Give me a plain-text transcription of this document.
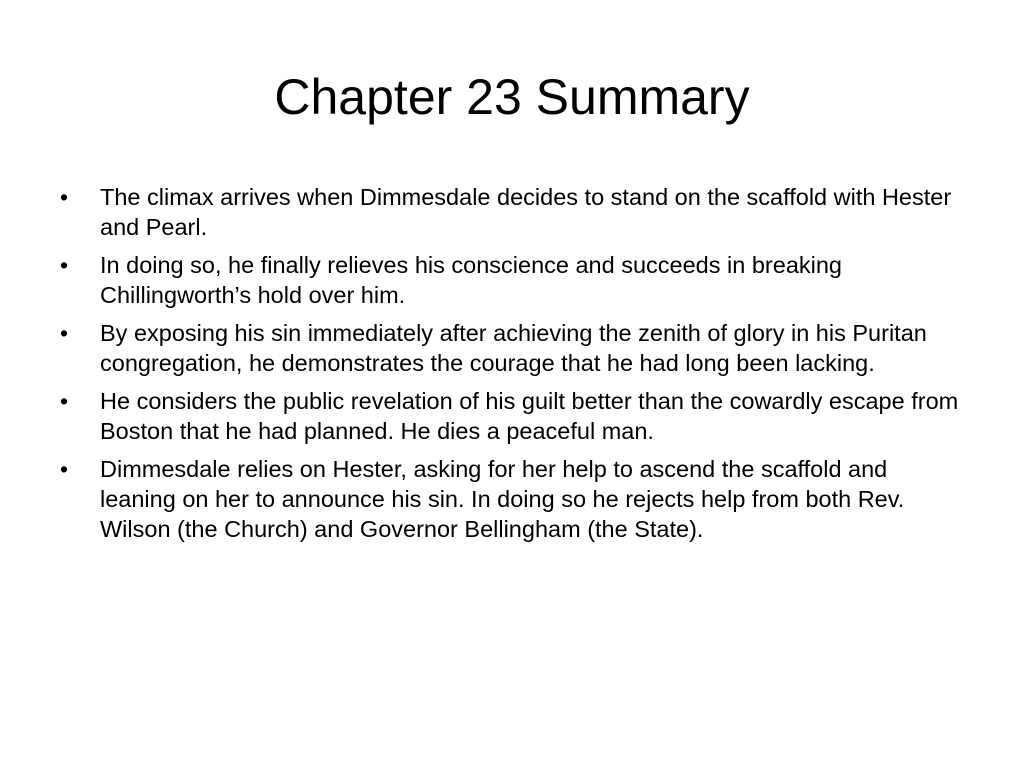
Chapter 23 Summary
•	The climax arrives when Dimmesdale decides to stand on the scaffold with Hester and Pearl.
•	In doing so, he finally relieves his conscience and succeeds in breaking Chillingworth’s hold over him.
•	By exposing his sin immediately after achieving the zenith of glory in his Puritan congregation, he demonstrates the courage that he had long been lacking.
•	He considers the public revelation of his guilt better than the cowardly escape from Boston that he had planned. He dies a peaceful man.
•	Dimmesdale relies on Hester, asking for her help to ascend the scaffold and leaning on her to announce his sin. In doing so he rejects help from both Rev. Wilson (the Church) and Governor Bellingham (the State).
